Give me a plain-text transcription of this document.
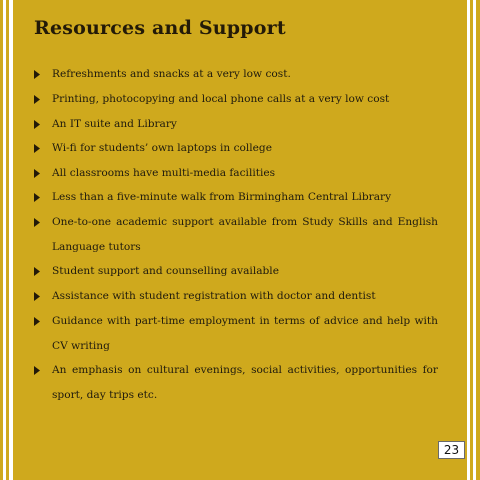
Resources and Support
Refreshments and snacks at a very low cost.
Printing, photocopying and local phone calls at a very low cost
An IT suite and Library
Wi-fi for students’ own laptops in college
All classrooms have multi-media facilities
Less than a five-minute walk from Birmingham Central Library
One-to-one academic support available from Study Skills and English Language tutors
Student support and counselling available
Assistance with student registration with doctor and dentist
Guidance with part-time employment in terms of advice and help with CV writing
An emphasis on cultural evenings, social activities, opportunities for sport, day trips etc.
23
